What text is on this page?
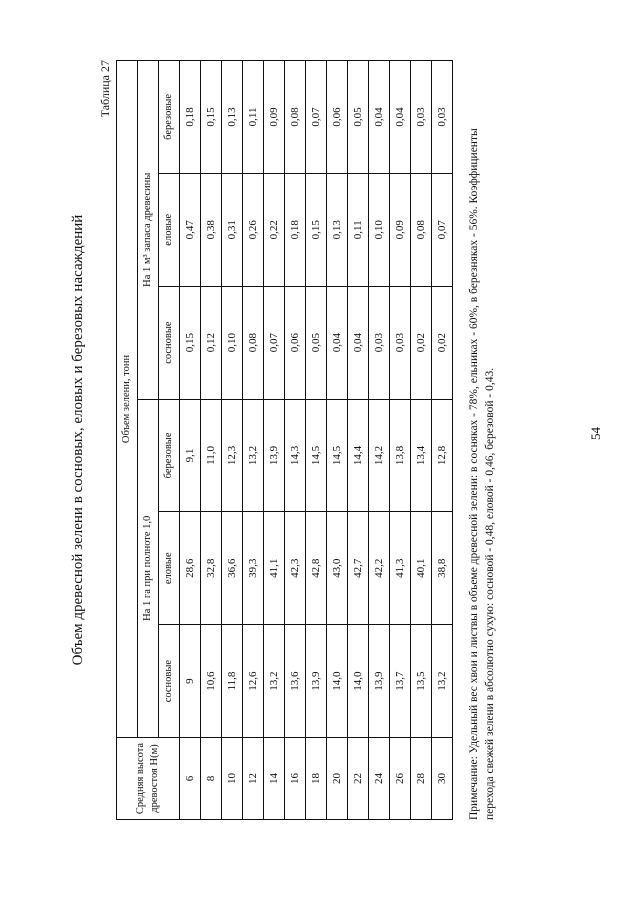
Объем древесной зелени в сосновых, еловых и березовых насаждений
Таблица 27
Средняя высота древостоя Н(м)	Объем зелени, тонн					
	На 1 га при полноте 1,0			На 1 м³ запаса древесины		
	сосновые	еловые	березовые	сосновые	еловые	березовые
6	9	28,6	9,1	0,15	0,47	0,18
8	10,6	32,8	11,0	0,12	0,38	0,15
10	11,8	36,6	12,3	0,10	0,31	0,13
12	12,6	39,3	13,2	0,08	0,26	0,11
14	13,2	41,1	13,9	0,07	0,22	0,09
16	13,6	42,3	14,3	0,06	0,18	0,08
18	13,9	42,8	14,5	0,05	0,15	0,07
20	14,0	43,0	14,5	0,04	0,13	0,06
22	14,0	42,7	14,4	0,04	0,11	0,05
24	13,9	42,2	14,2	0,03	0,10	0,04
26	13,7	41,3	13,8	0,03	0,09	0,04
28	13,5	40,1	13,4	0,02	0,08	0,03
30	13,2	38,8	12,8	0,02	0,07	0,03
Примечание: Удельный вес хвои и листвы в объеме древесной зелени: в сосняках - 78%, ельниках - 60%, в березняках - 56%. Коэффициенты перехода свежей зелени в абсолютно сухую: сосновой - 0,48, еловой - 0,46, березовой - 0,43.	54
